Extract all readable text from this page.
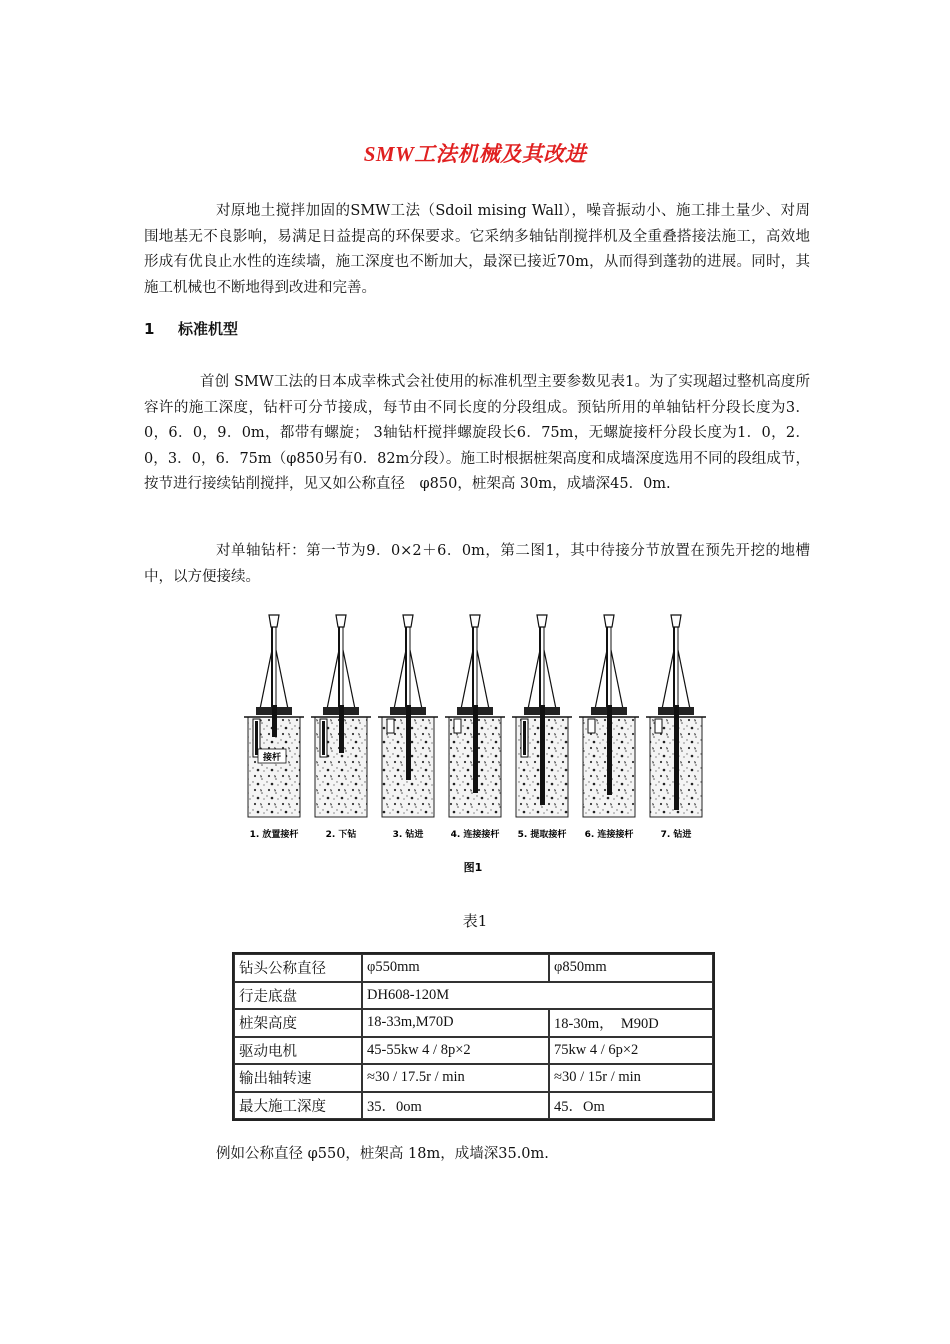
SMW工法机械及其改进
对原地土搅拌加固的SMW工法（Sdoil mising Wall），噪音振动小、施工排土量少、对周围地基无不良影响，易满足日益提高的环保要求。它采纳多轴钻削搅拌机及全重叠搭接法施工，高效地形成有优良止水性的连续墙，施工深度也不断加大，最深已接近70m，从而得到蓬勃的进展。同时，其施工机械也不断地得到改进和完善。
1 标准机型
首创 SMW工法的日本成幸株式会社使用的标准机型主要参数见表1。为了实现超过整机高度所容许的施工深度，钻杆可分节接成，每节由不同长度的分段组成。预钻所用的单轴钻杆分段长度为3．0，6．0，9．0m，都带有螺旋； 3轴钻杆搅拌螺旋段长6．75m，无螺旋接杆分段长度为1．0，2．0，3．0，6．75m（φ850另有0．82m分段）。施工时根据桩架高度和成墙深度选用不同的段组成节，按节进行接续钻削搅拌，见又如公称直径　φ850，桩架高 30m，成墙深45．0m.
对单轴钻杆：第一节为9．0×2＋6．0m，第二图1，其中待接分节放置在预先开挖的地槽中，以方便接续。
1. 放置接杆	2. 下钻	3. 钻进	4. 连接接杆 5. 提取接杆 6. 连接接杆	7. 钻进
接杆
图1
表1
钻头公称直径	φ550mm	φ850mm
行走底盘	DH608-120M	
桩架高度	18-33m,M70D	18-30m，　M90D
驱动电机	45-55kw 4 / 8p×2	75kw 4 / 6p×2
输出轴转速	≈30 / 17.5r / min	≈30 / 15r / min
最大施工深度	35．0om	45．Om
例如公称直径 φ550，桩架高 18m，成墙深35.0m.
